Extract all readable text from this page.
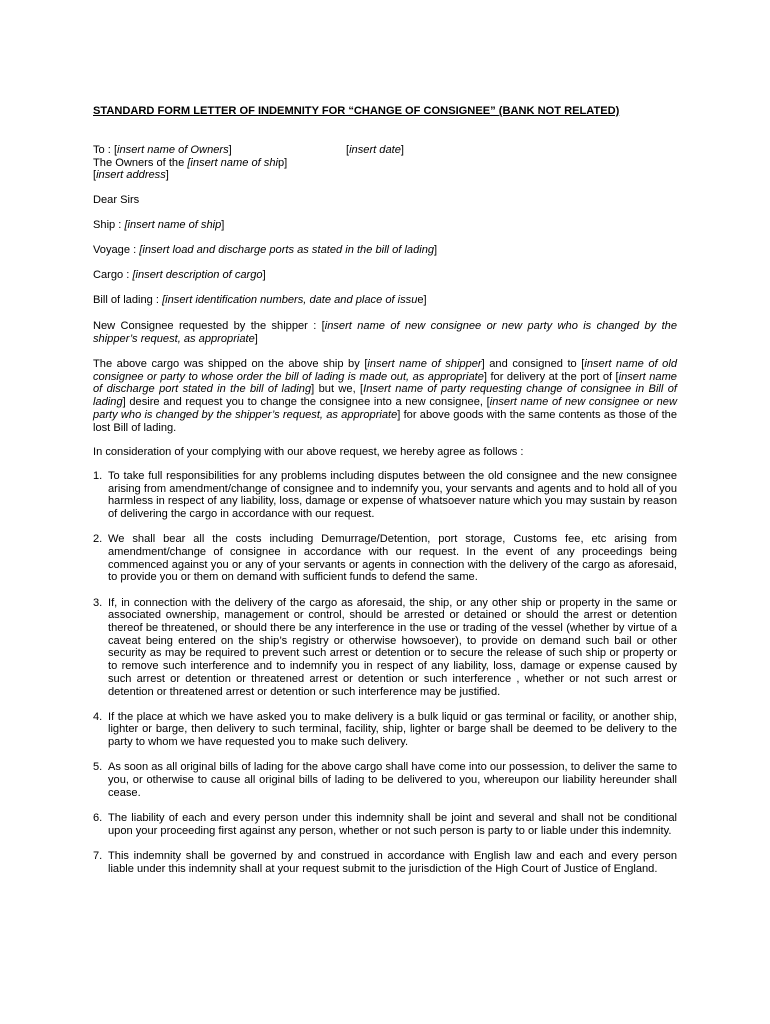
STANDARD FORM LETTER OF INDEMNITY FOR “CHANGE OF CONSIGNEE” (BANK NOT RELATED)
To : [insert name of Owners]
The Owners of the [insert name of ship]
[insert address]
[insert date]
Dear Sirs
Ship : [insert name of ship]
Voyage : [insert load and discharge ports as stated in the bill of lading]
Cargo : [insert description of cargo]
Bill of lading : [insert identification numbers, date and place of issue]
New Consignee requested by the shipper : [insert name of new consignee or new party who is changed by the shipper’s request, as appropriate]
The above cargo was shipped on the above ship by [insert name of shipper] and consigned to [insert name of old consignee or party to whose order the bill of lading is made out, as appropriate] for delivery at the port of [insert name of discharge port stated in the bill of lading] but we, [Insert name of party requesting change of consignee in Bill of lading] desire and request you to change the consignee into a new consignee, [insert name of new consignee or new party who is changed by the shipper’s request, as appropriate] for above goods with the same contents as those of the lost Bill of lading.
In consideration of your complying with our above request, we hereby agree as follows :
1. To take full responsibilities for any problems including disputes between the old consignee and the new consignee arising from amendment/change of consignee and to indemnify you, your servants and agents and to hold all of you harmless in respect of any liability, loss, damage or expense of whatsoever nature which you may sustain by reason of delivering the cargo in accordance with our request.
2. We shall bear all the costs including Demurrage/Detention, port storage, Customs fee, etc arising from amendment/change of consignee in accordance with our request. In the event of any proceedings being commenced against you or any of your servants or agents in connection with the delivery of the cargo as aforesaid, to provide you or them on demand with sufficient funds to defend the same.
3. If, in connection with the delivery of the cargo as aforesaid, the ship, or any other ship or property in the same or associated ownership, management or control, should be arrested or detained or should the arrest or detention thereof be threatened, or should there be any interference in the use or trading of the vessel (whether by virtue of a caveat being entered on the ship’s registry or otherwise howsoever), to provide on demand such bail or other security as may be required to prevent such arrest or detention or to secure the release of such ship or property or to remove such interference and to indemnify you in respect of any liability, loss, damage or expense caused by such arrest or detention or threatened arrest or detention or such interference , whether or not such arrest or detention or threatened arrest or detention or such interference may be justified.
4. If the place at which we have asked you to make delivery is a bulk liquid or gas terminal or facility, or another ship, lighter or barge, then delivery to such terminal, facility, ship, lighter or barge shall be deemed to be delivery to the party to whom we have requested you to make such delivery.
5. As soon as all original bills of lading for the above cargo shall have come into our possession, to deliver the same to you, or otherwise to cause all original bills of lading to be delivered to you, whereupon our liability hereunder shall cease.
6. The liability of each and every person under this indemnity shall be joint and several and shall not be conditional upon your proceeding first against any person, whether or not such person is party to or liable under this indemnity.
7. This indemnity shall be governed by and construed in accordance with English law and each and every person liable under this indemnity shall at your request submit to the jurisdiction of the High Court of Justice of England.
